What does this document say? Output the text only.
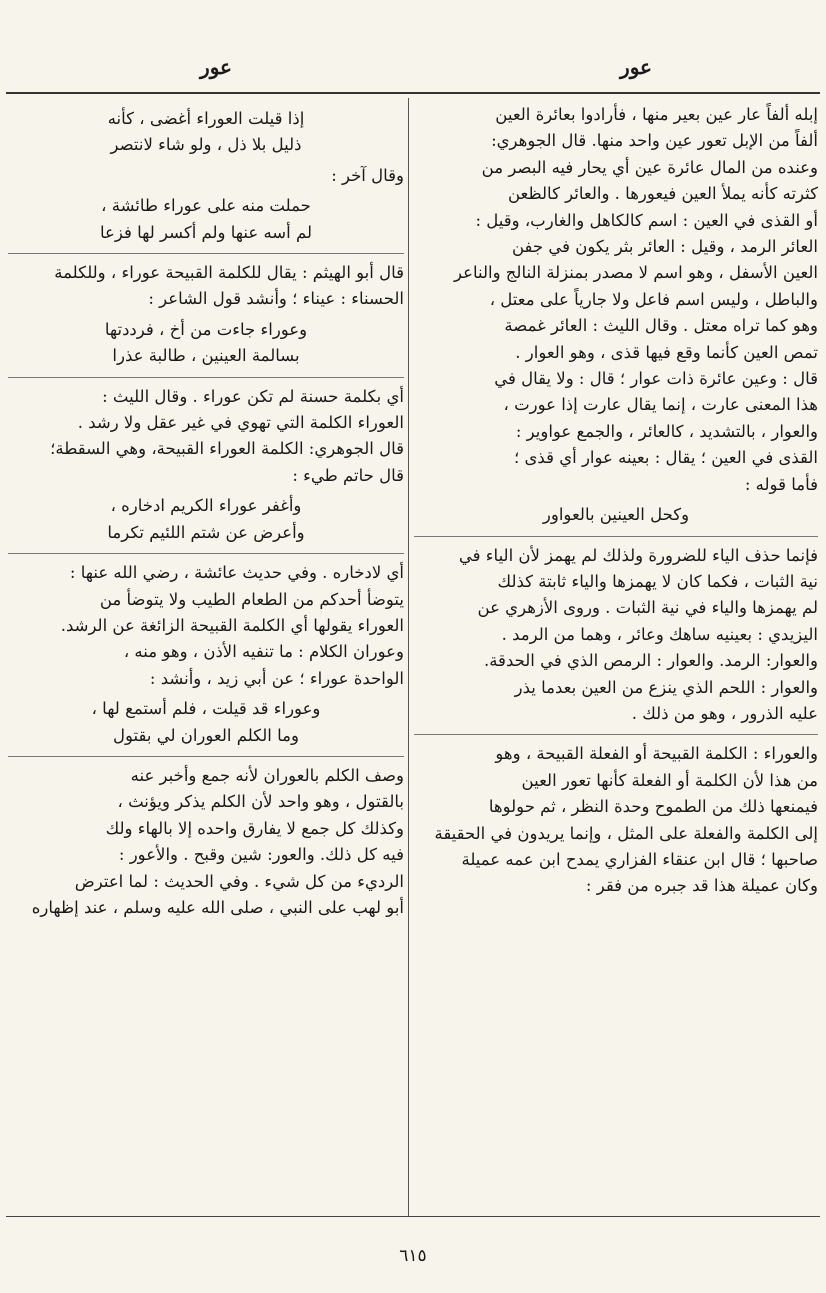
عور
عور

إبله ألفاً عار عين بعير منها ، فأرادوا بعائرة العين

ألفاً من الإبل تعور عين واحد منها. قال الجوهري:

وعنده من المال عائرة عين أي يحار فيه البصر من

كثرته كأنه يملأ العين فيعورها . والعائر كالظعن

أو القذى في العين : اسم كالكاهل والغارب، وقيل :

العائر الرمد ، وقيل : العائر بثر يكون في جفن

العين الأسفل ، وهو اسم لا مصدر بمنزلة النالج والناعر

والباطل ، وليس اسم فاعل ولا جارياً على معتل ،

وهو كما تراه معتل . وقال الليث : العائر غمصة

تمص العين كأنما وقع فيها قذى ، وهو العوار .

قال : وعين عائرة ذات عوار ؛ قال : ولا يقال في

هذا المعنى عارت ، إنما يقال عارت إذا عورت ،

والعوار ، بالتشديد ، كالعائر ، والجمع عواوير :

القذى في العين ؛ يقال : بعينه عوار أي قذى ؛

فأما قوله :

وكحل العينين بالعواور

فإنما حذف الياء للضرورة ولذلك لم يهمز لأن الياء في

نية الثبات ، فكما كان لا يهمزها والياء ثابتة كذلك

لم يهمزها والياء في نية الثبات . وروى الأزهري عن

اليزيدي : بعينيه ساهك وعائر ، وهما من الرمد .

والعوار: الرمد. والعوار : الرمص الذي في الحدقة.

والعوار : اللحم الذي ينزع من العين بعدما يذر

عليه الذرور ، وهو من ذلك .

والعوراء : الكلمة القبيحة أو الفعلة القبيحة ، وهو

من هذا لأن الكلمة أو الفعلة كأنها تعور العين

فيمنعها ذلك من الطموح وحدة النظر ، ثم حولوها

إلى الكلمة والفعلة على المثل ، وإنما يريدون في الحقيقة

صاحبها ؛ قال ابن عنقاء الفزاري يمدح ابن عمه عميلة

وكان عميلة هذا قد جبره من فقر :

إذا قيلت العوراء أغضى ، كأنه

ذليل بلا ذل ، ولو شاء لانتصر

وقال آخر :

حملت منه على عوراء طائشة ،

لم أسه عنها ولم أكسر لها فزعا

قال أبو الهيثم : يقال للكلمة القبيحة عوراء ، وللكلمة

الحسناء : عيناء ؛ وأنشد قول الشاعر :

وعوراء جاءت من أخ ، فرددتها

بسالمة العينين ، طالبة عذرا

أي بكلمة حسنة لم تكن عوراء . وقال الليث :

العوراء الكلمة التي تهوي في غير عقل ولا رشد .

قال الجوهري: الكلمة العوراء القبيحة، وهي السقطة؛

قال حاتم طيء :

وأغفر عوراء الكريم ادخاره ،

وأعرض عن شتم اللئيم تكرما

أي لادخاره . وفي حديث عائشة ، رضي الله عنها :

يتوضأ أحدكم من الطعام الطيب ولا يتوضأ من

العوراء يقولها أي الكلمة القبيحة الزائغة عن الرشد.

وعوران الكلام : ما تنفيه الأذن ، وهو منه ،

الواحدة عوراء ؛ عن أبي زيد ، وأنشد :

وعوراء قد قيلت ، فلم أستمع لها ،

وما الكلم العوران لي بقتول

وصف الكلم بالعوران لأنه جمع وأخبر عنه

بالقتول ، وهو واحد لأن الكلم يذكر ويؤنث ،

وكذلك كل جمع لا يفارق واحده إلا بالهاء ولك

فيه كل ذلك. والعور: شين وقبح . والأعور :

الرديء من كل شيء . وفي الحديث : لما اعترض

أبو لهب على النبي ، صلى الله عليه وسلم ، عند إظهاره

٦١٥
